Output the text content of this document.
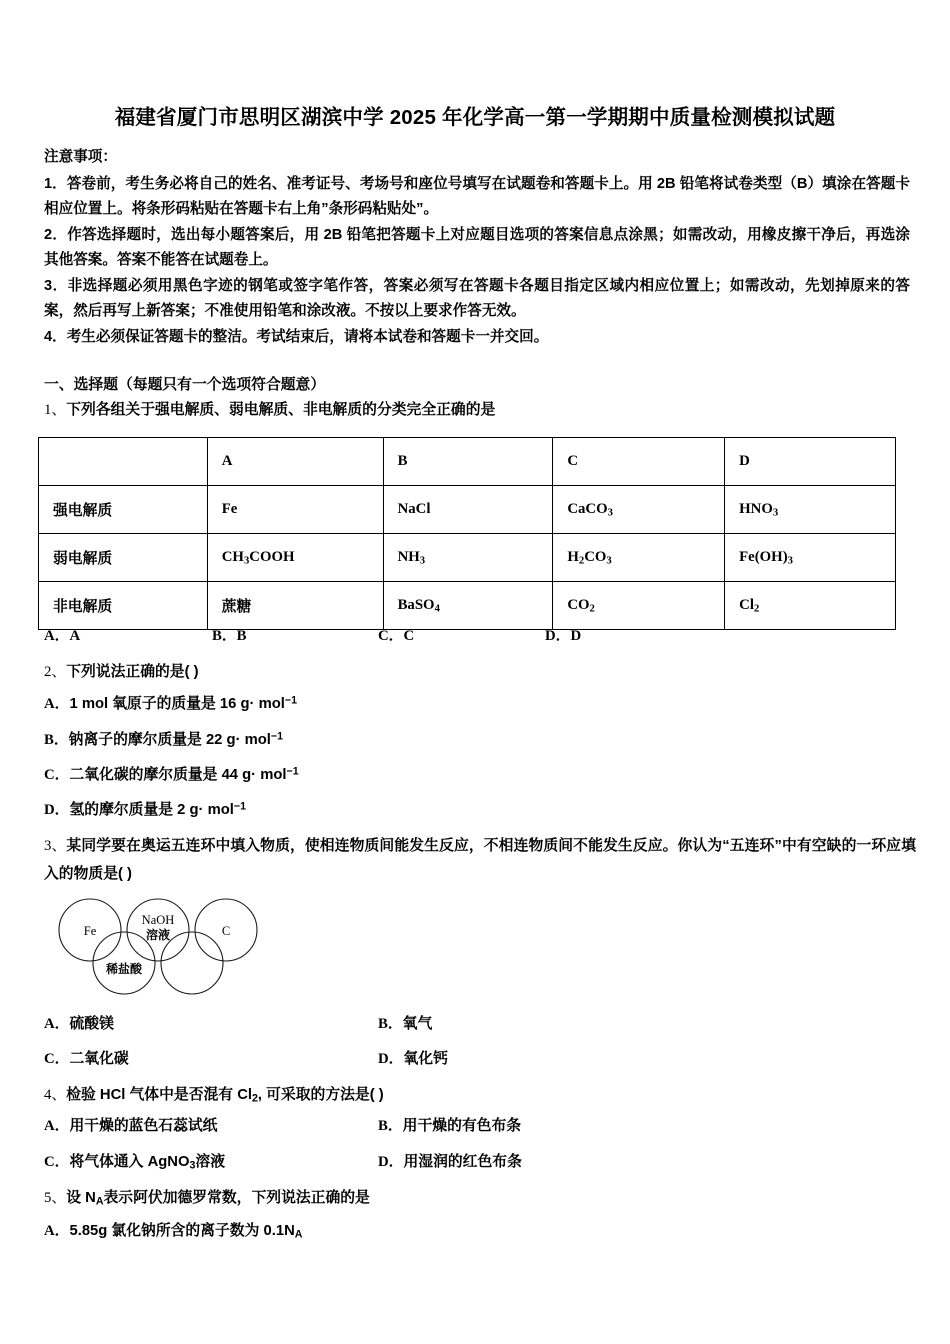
福建省厦门市思明区湖滨中学 2025 年化学高一第一学期期中质量检测模拟试题
注意事项：
1．答卷前，考生务必将自己的姓名、准考证号、考场号和座位号填写在试题卷和答题卡上。用 2B 铅笔将试卷类型（B）填涂在答题卡相应位置上。将条形码粘贴在答题卡右上角”条形码粘贴处”。
2．作答选择题时，选出每小题答案后，用 2B 铅笔把答题卡上对应题目选项的答案信息点涂黑；如需改动，用橡皮擦干净后，再选涂其他答案。答案不能答在试题卷上。
3．非选择题必须用黑色字迹的钢笔或签字笔作答，答案必须写在答题卡各题目指定区域内相应位置上；如需改动，先划掉原来的答案，然后再写上新答案；不准使用铅笔和涂改液。不按以上要求作答无效。
4．考生必须保证答题卡的整洁。考试结束后，请将本试卷和答题卡一并交回。
一、选择题（每题只有一个选项符合题意）
1、下列各组关于强电解质、弱电解质、非电解质的分类完全正确的是
	A	B	C	D
强电解质	Fe	NaCl	CaCO$_3$	$HNO_3$
弱电解质	$CH_3COOH$	$NH_3$	$H_2CO_3$	$Fe(OH)_3$
非电解质	蔗糖	BaSO$_4$	$CO_2$	$Cl_2$
A．A	B．B	C．C	D．D
2、下列说法正确的是( )
A．1 mol 氧原子的质量是 16 g· mol$^{-1}$
B．钠离子的摩尔质量是 22 g· mol$^{-1}$
C．二氧化碳的摩尔质量是 44 g· mol$^{-1}$
D．氢的摩尔质量是 2 g· mol$^{-1}$
3、某同学要在奥运五连环中填入物质，使相连物质间能发生反应，不相连物质间不能发生反应。你认为“五连环”中有空缺的一环应填入的物质是( )
Fe
NaOH
溶液	C
稀盐酸
A．硫酸镁	B．氧气
C．二氧化碳	D．氧化钙
4、检验 HCl 气体中是否混有 $Cl_2$, 可采取的方法是( )
A．用干燥的蓝色石蕊试纸	B．用干燥的有色布条
C．将气体通入 AgNO$_3$溶液	D．用湿润的红色布条
5、设 $N_A$表示阿伏加德罗常数，下列说法正确的是
A．5.85g 氯化钠所含的离子数为 $0.1N_A$
